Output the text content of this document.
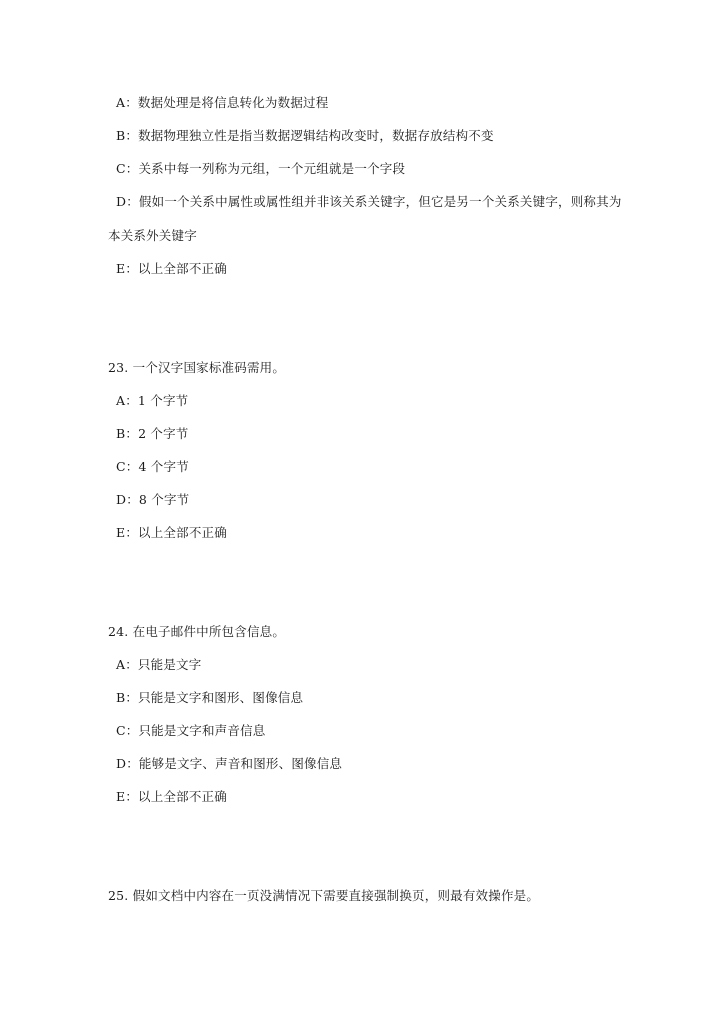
A：数据处理是将信息转化为数据过程
B：数据物理独立性是指当数据逻辑结构改变时，数据存放结构不变
C：关系中每一列称为元组，一个元组就是一个字段
D：假如一个关系中属性或属性组并非该关系关键字，但它是另一个关系关键字，则称其为
本关系外关键字
E：以上全部不正确
23. 一个汉字国家标准码需用。
A：1 个字节
B：2 个字节
C：4 个字节
D：8 个字节
E：以上全部不正确
24. 在电子邮件中所包含信息。
A：只能是文字
B：只能是文字和图形、图像信息
C：只能是文字和声音信息
D：能够是文字、声音和图形、图像信息
E：以上全部不正确
25. 假如文档中内容在一页没满情况下需要直接强制换页，则最有效操作是。
